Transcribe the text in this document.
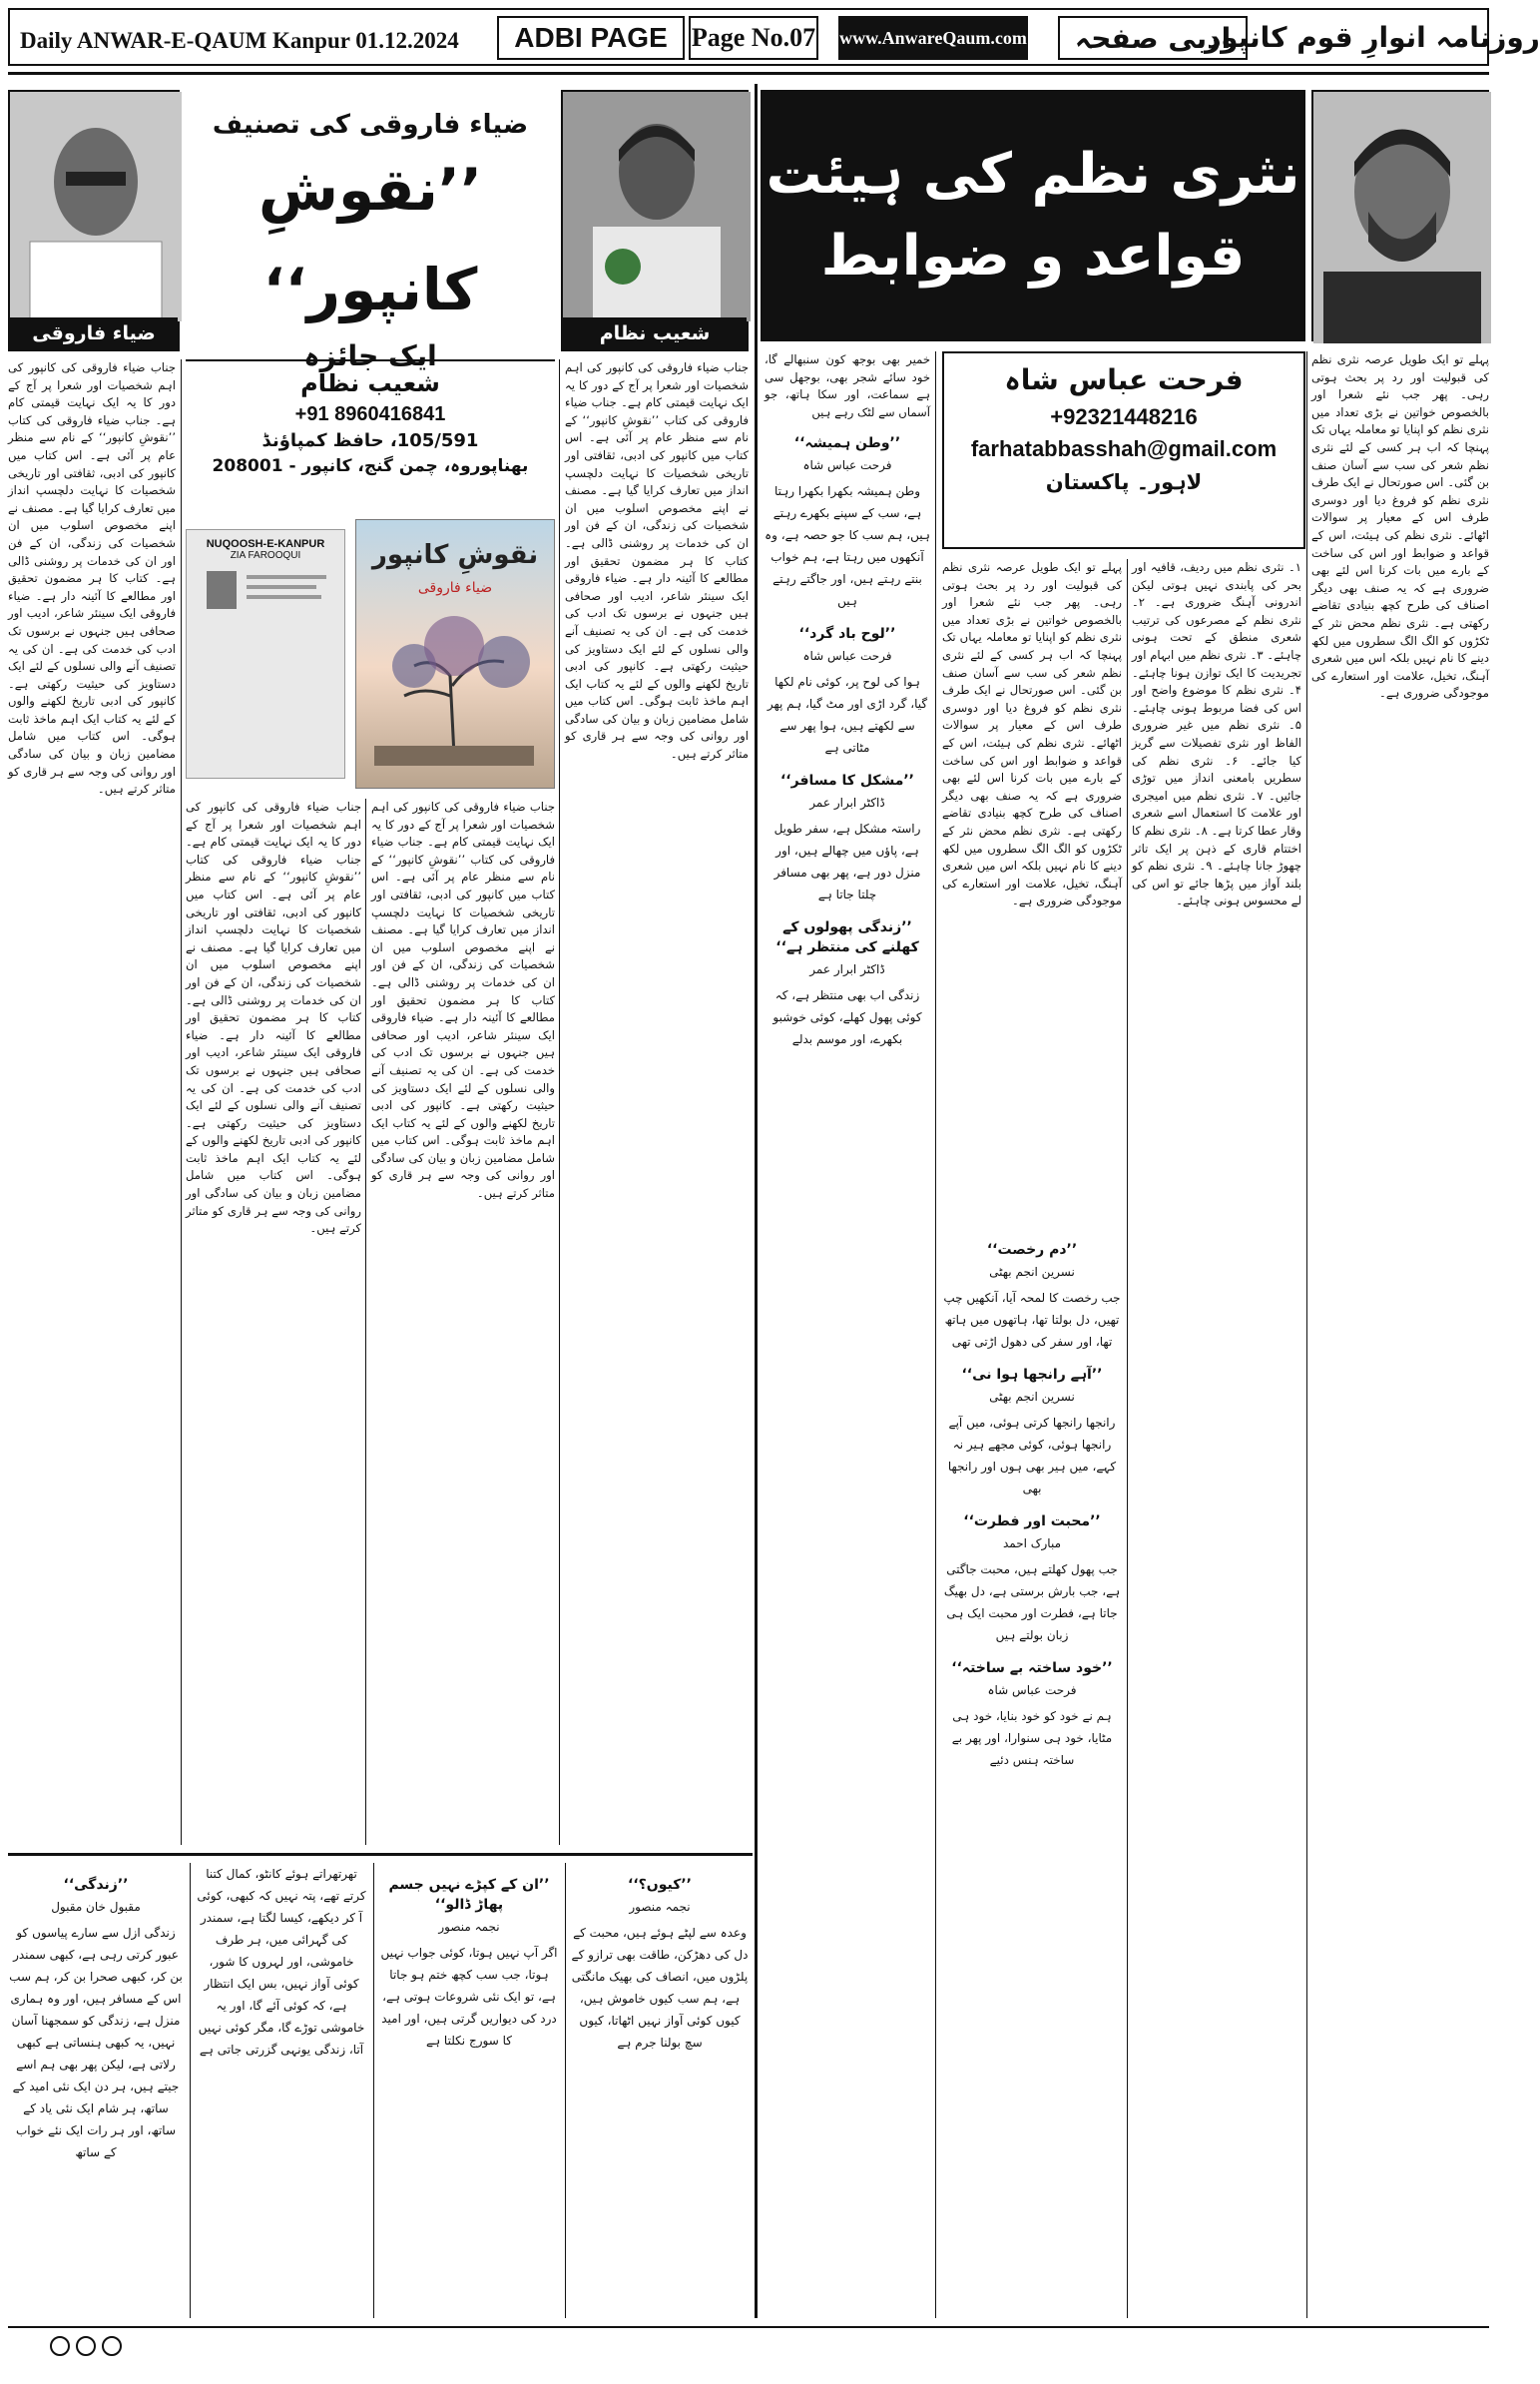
Daily ANWAR-E-QAUM Kanpur 01.12.2024	ADBI PAGE Page No.07 www.AnwareQaum.com	ادبی صفحہ
روزنامہ انوارِ قوم کانپور
نثری نظم کی ہیئت
قواعد و ضوابط
فرحت عباس شاہ
+92321448216
farhatabbasshah@gmail.com
لاہور۔ پاکستان

پہلے تو ایک طویل عرصہ نثری نظم کی قبولیت اور رد پر بحث ہوتی رہی۔ پھر جب نئے شعرا اور بالخصوص خواتین نے بڑی تعداد میں نثری نظم کو اپنایا تو معاملہ یہاں تک پہنچا کہ اب ہر کسی کے لئے نثری نظم شعر کی سب سے آسان صنف بن گئی۔ اس صورتحال نے ایک طرف نثری نظم کو فروغ دیا اور دوسری طرف اس کے معیار پر سوالات اٹھائے۔ نثری نظم کی ہیئت، اس کے قواعد و ضوابط اور اس کی ساخت کے بارے میں بات کرنا اس لئے بھی ضروری ہے کہ یہ صنف بھی دیگر اصناف کی طرح کچھ بنیادی تقاضے رکھتی ہے۔ نثری نظم محض نثر کے ٹکڑوں کو الگ الگ سطروں میں لکھ دینے کا نام نہیں بلکہ اس میں شعری آہنگ، تخیل، علامت اور استعارے کی موجودگی ضروری ہے۔

۱۔ نثری نظم میں ردیف، قافیہ اور بحر کی پابندی نہیں ہوتی لیکن اندرونی آہنگ ضروری ہے۔ ۲۔ نثری نظم کے مصرعوں کی ترتیب شعری منطق کے تحت ہونی چاہئے۔ ۳۔ نثری نظم میں ابہام اور تجریدیت کا ایک توازن ہونا چاہئے۔ ۴۔ نثری نظم کا موضوع واضح اور اس کی فضا مربوط ہونی چاہئے۔ ۵۔ نثری نظم میں غیر ضروری الفاظ اور نثری تفصیلات سے گریز کیا جائے۔ ۶۔ نثری نظم کی سطریں بامعنی انداز میں توڑی جائیں۔ ۷۔ نثری نظم میں امیجری اور علامت کا استعمال اسے شعری وقار عطا کرتا ہے۔ ۸۔ نثری نظم کا اختتام قاری کے ذہن پر ایک تاثر چھوڑ جانا چاہئے۔ ۹۔ نثری نظم کو بلند آواز میں پڑھا جائے تو اس کی لے محسوس ہونی چاہئے۔

پہلے تو ایک طویل عرصہ نثری نظم کی قبولیت اور رد پر بحث ہوتی رہی۔ پھر جب نئے شعرا اور بالخصوص خواتین نے بڑی تعداد میں نثری نظم کو اپنایا تو معاملہ یہاں تک پہنچا کہ اب ہر کسی کے لئے نثری نظم شعر کی سب سے آسان صنف بن گئی۔ اس صورتحال نے ایک طرف نثری نظم کو فروغ دیا اور دوسری طرف اس کے معیار پر سوالات اٹھائے۔ نثری نظم کی ہیئت، اس کے قواعد و ضوابط اور اس کی ساخت کے بارے میں بات کرنا اس لئے بھی ضروری ہے کہ یہ صنف بھی دیگر اصناف کی طرح کچھ بنیادی تقاضے رکھتی ہے۔ نثری نظم محض نثر کے ٹکڑوں کو الگ الگ سطروں میں لکھ دینے کا نام نہیں بلکہ اس میں شعری آہنگ، تخیل، علامت اور استعارے کی موجودگی ضروری ہے۔

خمیر بھی بوجھ کون سنبھالے گا، خود سائے شجر بھی، بوجھل سی ہے سماعت، اور سکا ہاتھ، جو آسماں سے لٹک رہے ہیں

’’وطن ہمیشہ‘‘
فرحت عباس شاہ

وطن ہمیشہ بکھرا بکھرا رہتا ہے، سب کے سپنے بکھرے رہتے ہیں، ہم سب کا جو حصہ ہے، وہ آنکھوں میں رہتا ہے، ہم خواب بنتے رہتے ہیں، اور جاگتے رہتے ہیں

’’لوح باد گرد‘‘
فرحت عباس شاہ

ہوا کی لوح پر، کوئی نام لکھا گیا، گرد اڑی اور مٹ گیا، ہم پھر سے لکھتے ہیں، ہوا پھر سے مٹاتی ہے

’’مشکل کا مسافر‘‘
ڈاکٹر ابرار عمر

راستہ مشکل ہے، سفر طویل ہے، پاؤں میں چھالے ہیں، اور منزل دور ہے، پھر بھی مسافر چلتا جاتا ہے

’’زندگی پھولوں کے کھلنے کی منتظر ہے‘‘
ڈاکٹر ابرار عمر

زندگی اب بھی منتظر ہے، کہ کوئی پھول کھلے، کوئی خوشبو بکھرے، اور موسم بدلے

’’دم رخصت‘‘
نسرین انجم بھٹی

جب رخصت کا لمحہ آیا، آنکھیں چپ تھیں، دل بولتا تھا، ہاتھوں میں ہاتھ تھا، اور سفر کی دھول اڑتی تھی

’’آہے رانجھا ہوا نی‘‘
نسرین انجم بھٹی

رانجھا رانجھا کرتی ہوئی، میں آپے رانجھا ہوئی، کوئی مجھے ہیر نہ کہے، میں ہیر بھی ہوں اور رانجھا بھی

’’محبت اور فطرت‘‘
مبارک احمد

جب پھول کھلتے ہیں، محبت جاگتی ہے، جب بارش برستی ہے، دل بھیگ جاتا ہے، فطرت اور محبت ایک ہی زبان بولتے ہیں

’’خود ساختہ بے ساختہ‘‘
فرحت عباس شاہ

ہم نے خود کو خود بنایا، خود ہی مٹایا، خود ہی سنوارا، اور پھر بے ساختہ ہنس دئیے

شعیب نظام
ضیاء فاروقی کی تصنیف
’’نقوشِ کانپور‘‘
ایک جائزہ
ضیاء فاروقی
شعیب نظام
+91 8960416841
105/591، حافظ کمپاؤنڈ
بھناپوروہ، چمن گنج، کانپور - 208001
NUQOOSH-E-KANPUR
ZIA FAROOQUI	نقوشِ کانپور
ضیاء فاروقی

جناب ضیاء فاروقی کی کانپور کی اہم شخصیات اور شعرا پر آج کے دور کا یہ ایک نہایت قیمتی کام ہے۔ جناب ضیاء فاروقی کی کتاب ’’نقوشِ کانپور‘‘ کے نام سے منظر عام پر آئی ہے۔ اس کتاب میں کانپور کی ادبی، ثقافتی اور تاریخی شخصیات کا نہایت دلچسپ انداز میں تعارف کرایا گیا ہے۔ مصنف نے اپنے مخصوص اسلوب میں ان شخصیات کی زندگی، ان کے فن اور ان کی خدمات پر روشنی ڈالی ہے۔ کتاب کا ہر مضمون تحقیق اور مطالعے کا آئینہ دار ہے۔ ضیاء فاروقی ایک سینئر شاعر، ادیب اور صحافی ہیں جنہوں نے برسوں تک ادب کی خدمت کی ہے۔ ان کی یہ تصنیف آنے والی نسلوں کے لئے ایک دستاویز کی حیثیت رکھتی ہے۔ کانپور کی ادبی تاریخ لکھنے والوں کے لئے یہ کتاب ایک اہم ماخذ ثابت ہوگی۔ اس کتاب میں شامل مضامین زبان و بیان کی سادگی اور روانی کی وجہ سے ہر قاری کو متاثر کرتے ہیں۔

جناب ضیاء فاروقی کی کانپور کی اہم شخصیات اور شعرا پر آج کے دور کا یہ ایک نہایت قیمتی کام ہے۔ جناب ضیاء فاروقی کی کتاب ’’نقوشِ کانپور‘‘ کے نام سے منظر عام پر آئی ہے۔ اس کتاب میں کانپور کی ادبی، ثقافتی اور تاریخی شخصیات کا نہایت دلچسپ انداز میں تعارف کرایا گیا ہے۔ مصنف نے اپنے مخصوص اسلوب میں ان شخصیات کی زندگی، ان کے فن اور ان کی خدمات پر روشنی ڈالی ہے۔ کتاب کا ہر مضمون تحقیق اور مطالعے کا آئینہ دار ہے۔ ضیاء فاروقی ایک سینئر شاعر، ادیب اور صحافی ہیں جنہوں نے برسوں تک ادب کی خدمت کی ہے۔ ان کی یہ تصنیف آنے والی نسلوں کے لئے ایک دستاویز کی حیثیت رکھتی ہے۔ کانپور کی ادبی تاریخ لکھنے والوں کے لئے یہ کتاب ایک اہم ماخذ ثابت ہوگی۔ اس کتاب میں شامل مضامین زبان و بیان کی سادگی اور روانی کی وجہ سے ہر قاری کو متاثر کرتے ہیں۔

جناب ضیاء فاروقی کی کانپور کی اہم شخصیات اور شعرا پر آج کے دور کا یہ ایک نہایت قیمتی کام ہے۔ جناب ضیاء فاروقی کی کتاب ’’نقوشِ کانپور‘‘ کے نام سے منظر عام پر آئی ہے۔ اس کتاب میں کانپور کی ادبی، ثقافتی اور تاریخی شخصیات کا نہایت دلچسپ انداز میں تعارف کرایا گیا ہے۔ مصنف نے اپنے مخصوص اسلوب میں ان شخصیات کی زندگی، ان کے فن اور ان کی خدمات پر روشنی ڈالی ہے۔ کتاب کا ہر مضمون تحقیق اور مطالعے کا آئینہ دار ہے۔ ضیاء فاروقی ایک سینئر شاعر، ادیب اور صحافی ہیں جنہوں نے برسوں تک ادب کی خدمت کی ہے۔ ان کی یہ تصنیف آنے والی نسلوں کے لئے ایک دستاویز کی حیثیت رکھتی ہے۔ کانپور کی ادبی تاریخ لکھنے والوں کے لئے یہ کتاب ایک اہم ماخذ ثابت ہوگی۔ اس کتاب میں شامل مضامین زبان و بیان کی سادگی اور روانی کی وجہ سے ہر قاری کو متاثر کرتے ہیں۔

جناب ضیاء فاروقی کی کانپور کی اہم شخصیات اور شعرا پر آج کے دور کا یہ ایک نہایت قیمتی کام ہے۔ جناب ضیاء فاروقی کی کتاب ’’نقوشِ کانپور‘‘ کے نام سے منظر عام پر آئی ہے۔ اس کتاب میں کانپور کی ادبی، ثقافتی اور تاریخی شخصیات کا نہایت دلچسپ انداز میں تعارف کرایا گیا ہے۔ مصنف نے اپنے مخصوص اسلوب میں ان شخصیات کی زندگی، ان کے فن اور ان کی خدمات پر روشنی ڈالی ہے۔ کتاب کا ہر مضمون تحقیق اور مطالعے کا آئینہ دار ہے۔ ضیاء فاروقی ایک سینئر شاعر، ادیب اور صحافی ہیں جنہوں نے برسوں تک ادب کی خدمت کی ہے۔ ان کی یہ تصنیف آنے والی نسلوں کے لئے ایک دستاویز کی حیثیت رکھتی ہے۔ کانپور کی ادبی تاریخ لکھنے والوں کے لئے یہ کتاب ایک اہم ماخذ ثابت ہوگی۔ اس کتاب میں شامل مضامین زبان و بیان کی سادگی اور روانی کی وجہ سے ہر قاری کو متاثر کرتے ہیں۔

’’کیوں؟‘‘
نجمہ منصور

وعدہ سے لپٹے ہوئے ہیں، محبت کے دل کی دھڑکن، طاقت بھی ترازو کے پلڑوں میں، انصاف کی بھیک مانگتی ہے، ہم سب کیوں خاموش ہیں، کیوں کوئی آواز نہیں اٹھاتا، کیوں سچ بولنا جرم ہے

’’ان کے کپڑے نہیں جسم پھاڑ ڈالو‘‘
نجمہ منصور

اگر آپ نہیں ہوتا، کوئی جواب نہیں ہوتا، جب سب کچھ ختم ہو جاتا ہے، تو ایک نئی شروعات ہوتی ہے، درد کی دیواریں گرتی ہیں، اور امید کا سورج نکلتا ہے

تھرتھراتے ہوئے کانٹو، کمال کتنا کرتے تھے، پتہ نہیں کہ کبھی، کوئی آ کر دیکھے، کیسا لگتا ہے، سمندر کی گہرائی میں، ہر طرف خاموشی، اور لہروں کا شور، کوئی آواز نہیں، بس ایک انتظار ہے، کہ کوئی آئے گا، اور یہ خاموشی توڑے گا، مگر کوئی نہیں آتا، زندگی یونہی گزرتی جاتی ہے

’’زندگی‘‘
مقبول خان مقبول

زندگی ازل سے سارے پیاسوں کو عبور کرتی رہی ہے، کبھی سمندر بن کر، کبھی صحرا بن کر، ہم سب اس کے مسافر ہیں، اور وہ ہماری منزل ہے، زندگی کو سمجھنا آسان نہیں، یہ کبھی ہنساتی ہے کبھی رلاتی ہے، لیکن پھر بھی ہم اسے جیتے ہیں، ہر دن ایک نئی امید کے ساتھ، ہر شام ایک نئی یاد کے ساتھ، اور ہر رات ایک نئے خواب کے ساتھ
